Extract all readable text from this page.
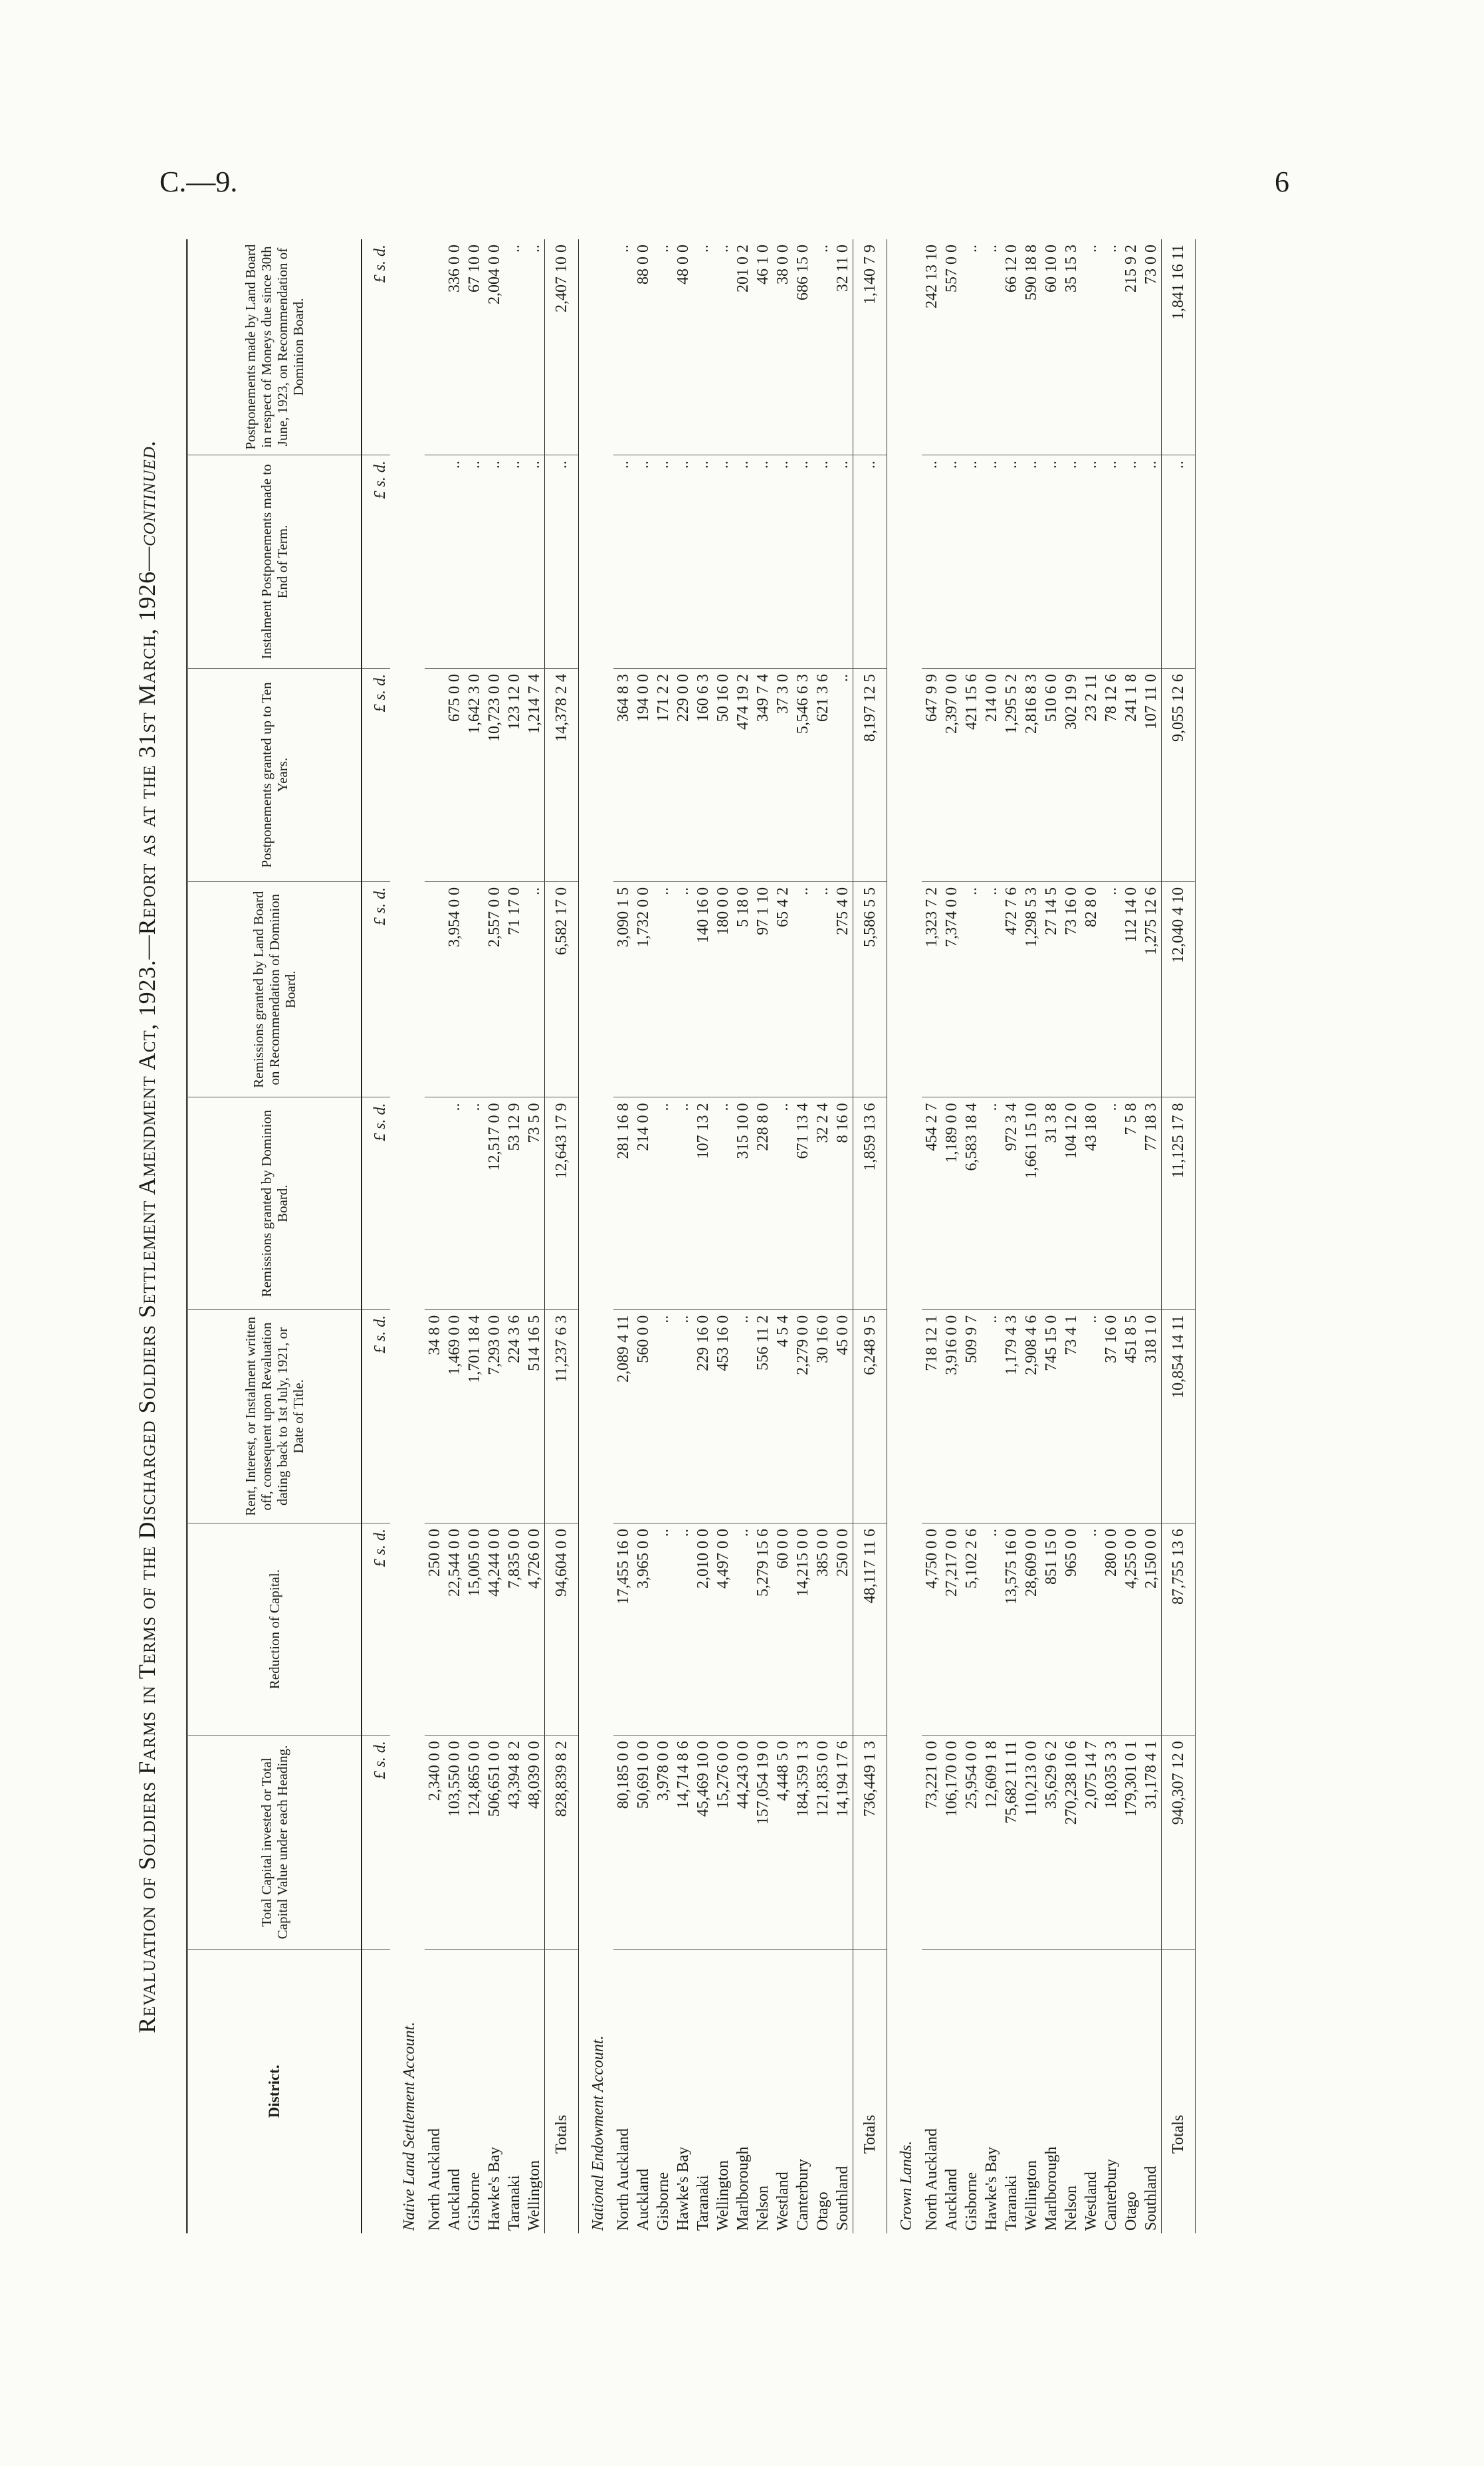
C.—9.	6
Revaluation of Soldiers Farms in Terms of the Discharged Soldiers Settlement Amendment Act, 1923.—Report as at the 31st March, 1926—continued.
District.	Total Capital invested or Total Capital Value under each Heading.	Reduction of Capital.	Rent, Interest, or Instalment written off, consequent upon Revaluation dating back to 1st July, 1921, or Date of Title.	Remissions granted by Dominion Board.	Remissions granted by Land Board on Recommendation of Dominion Board.	Postponements granted up to Ten Years.	Instalment Postponements made to End of Term.	Postponements made by Land Board in respect of Moneys due since 30th June, 1923, on Recommendation of Dominion Board.
	£ s. d.	£ s. d.	£ s. d.	£ s. d.	£ s. d.	£ s. d.	£ s. d.	£ s. d.
Native Land Settlement Account.								
North Auckland	2,340 0 0	250 0 0	34 8 0					
Auckland	103,550 0 0	22,544 0 0	1,469 0 0	..	3,954 0 0	675 0 0	..	336 0 0
Gisborne	124,865 0 0	15,005 0 0	1,701 18 4	..		1,642 3 0	..	67 10 0
Hawke's Bay	506,651 0 0	44,244 0 0	7,293 0 0	12,517 0 0	2,557 0 0	10,723 0 0	..	2,004 0 0
Taranaki	43,394 8 2	7,835 0 0	224 3 6	53 12 9	71 17 0	123 12 0	..	..
Wellington	48,039 0 0	4,726 0 0	514 16 5	73 5 0	..	1,214 7 4	..	..
Totals	828,839 8 2	94,604 0 0	11,237 6 3	12,643 17 9	6,582 17 0	14,378 2 4	..	2,407 10 0
National Endowment Account.								
North Auckland	80,185 0 0	17,455 16 0	2,089 4 11	281 16 8	3,090 1 5	364 8 3	..	..
Auckland	50,691 0 0	3,965 0 0	560 0 0	214 0 0	1,732 0 0	194 0 0	..	88 0 0
Gisborne	3,978 0 0	..	..	..	..	171 2 2	..	..
Hawke's Bay	14,714 8 6	..	..	..	..	229 0 0	..	48 0 0
Taranaki	45,469 10 0	2,010 0 0	229 16 0	107 13 2	140 16 0	160 6 3	..	..
Wellington	15,276 0 0	4,497 0 0	453 16 0	..	180 0 0	50 16 0	..	..
Marlborough	44,243 0 0	..	..	315 10 0	5 18 0	474 19 2	..	201 0 2
Nelson	157,054 19 0	5,279 15 6	556 11 2	228 8 0	97 1 10	349 7 4	..	46 1 0
Westland	4,448 5 0	60 0 0	4 5 4	..	65 4 2	37 3 0	..	38 0 0
Canterbury	184,359 1 3	14,215 0 0	2,279 0 0	671 13 4	..	5,546 6 3	..	686 15 0
Otago	121,835 0 0	385 0 0	30 16 0	32 2 4	..	621 3 6	..	..
Southland	14,194 17 6	250 0 0	45 0 0	8 16 0	275 4 0	..	..	32 11 0
Totals	736,449 1 3	48,117 11 6	6,248 9 5	1,859 13 6	5,586 5 5	8,197 12 5	..	1,140 7 9
Crown Lands.								
North Auckland	73,221 0 0	4,750 0 0	718 12 1	454 2 7	1,323 7 2	647 9 9	..	242 13 10
Auckland	106,170 0 0	27,217 0 0	3,916 0 0	1,189 0 0	7,374 0 0	2,397 0 0	..	557 0 0
Gisborne	25,954 0 0	5,102 2 6	509 9 7	6,583 18 4	..	421 15 6	..	..
Hawke's Bay	12,609 1 8	..	..	..	..	214 0 0	..	..
Taranaki	75,682 11 11	13,575 16 0	1,179 4 3	972 3 4	472 7 6	1,295 5 2	..	66 12 0
Wellington	110,213 0 0	28,609 0 0	2,908 4 6	1,661 15 10	1,298 5 3	2,816 8 3	..	590 18 8
Marlborough	35,629 6 2	851 15 0	745 15 0	31 3 8	27 14 5	510 6 0	..	60 10 0
Nelson	270,238 10 6	965 0 0	73 4 1	104 12 0	73 16 0	302 19 9	..	35 15 3
Westland	2,075 14 7	..	..	43 18 0	82 8 0	23 2 11	..	..
Canterbury	18,035 3 3	280 0 0	37 16 0	..	..	78 12 6	..	..
Otago	179,301 0 1	4,255 0 0	451 8 5	7 5 8	112 14 0	241 1 8	..	215 9 2
Southland	31,178 4 1	2,150 0 0	318 1 0	77 18 3	1,275 12 6	107 11 0	..	73 0 0
Totals	940,307 12 0	87,755 13 6	10,854 14 11	11,125 17 8	12,040 4 10	9,055 12 6	..	1,841 16 11
